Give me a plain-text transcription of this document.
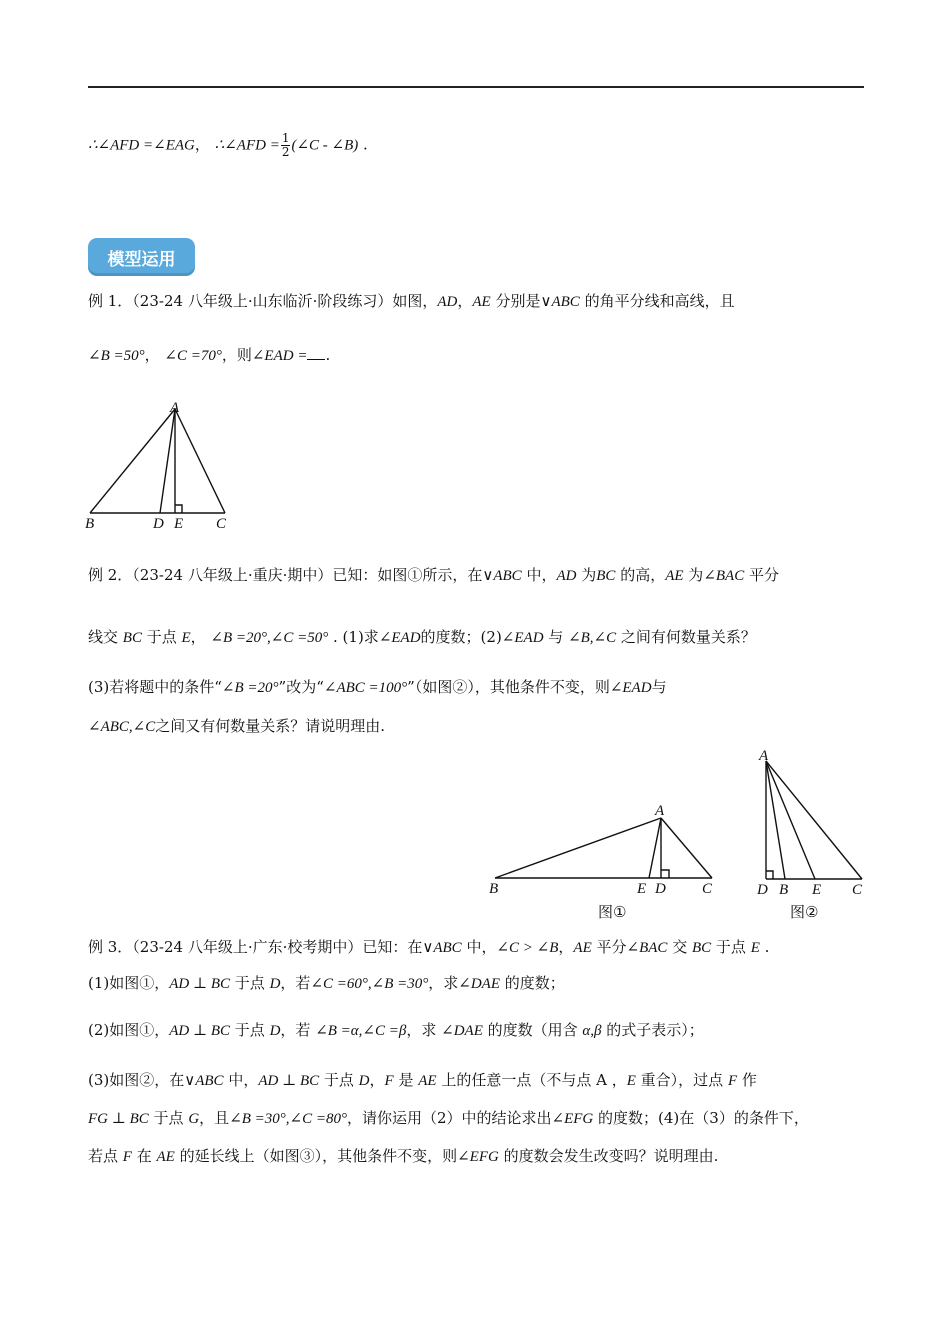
∴∠AFD =∠EAG， ∴∠AFD = $\frac{1}{2}$ (∠C - ∠B) .
模型运用
例 1．（23-24 八年级上·山东临沂·阶段练习）如图，AD，AE 分别是∨ABC 的角平分线和高线，且
∠B =50°， ∠C =70°，则∠EAD = .
A
B	D E C
例 2．（23-24 八年级上·重庆·期中）已知：如图①所示，在∨ABC 中，AD 为BC 的高，AE 为∠BAC 平分
线交 BC 于点 E， ∠B =20°,∠C =50° . (1)求∠EAD的度数；(2)∠EAD 与 ∠B,∠C 之间有何数量关系？
(3)若将题中的条件“∠B =20°”改为“∠ABC =100°”（如图②），其他条件不变，则∠EAD与
∠ABC,∠C之间又有何数量关系？请说明理由.
A
B	E D C
图①
A
D B E C
图②
例 3．（23-24 八年级上·广东·校考期中）已知：在∨ABC 中，∠C > ∠B，AE 平分∠BAC 交 BC 于点 E .
(1)如图①，AD ⊥ BC 于点 D，若∠C =60°,∠B =30°，求∠DAE 的度数；
(2)如图①，AD ⊥ BC 于点 D，若 ∠B =α,∠C =β，求 ∠DAE 的度数（用含 α,β 的式子表示）；
(3)如图②，在∨ABC 中，AD ⊥ BC 于点 D，F 是 AE 上的任意一点（不与点 A ，E 重合），过点 F 作
FG ⊥ BC 于点 G，且∠B =30°,∠C =80°，请你运用（2）中的结论求出∠EFG 的度数；(4)在（3）的条件下，
若点 F 在 AE 的延长线上（如图③），其他条件不变，则∠EFG 的度数会发生改变吗？说明理由.
